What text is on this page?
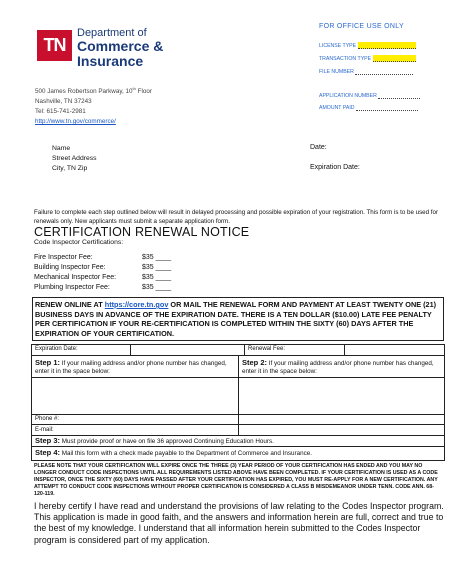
TN
Department of
Commerce &
Insurance
500 James Robertson Parkway, 10th Floor
Nashville, TN 37243
Tel: 615-741-2981
http://www.tn.gov/commerce/
FOR OFFICE USE ONLY
LICENSE TYPE
TRANSACTION TYPE
FILE NUMBER
APPLICATION NUMBER
AMOUNT PAID
Name
Street Address
City, TN Zip
Date:
Expiration Date:
Failure to complete each step outlined below will result in delayed processing and possible expiration of your registration. This form is to be used for renewals only. New applicants must submit a separate application form.
CERTIFICATION RENEWAL NOTICE
Code Inspector Certifications:
Fire Inspector Fee:	$35 ____
Building Inspector Fee:	$35 ____
Mechanical Inspector Fee:	$35 ____
Plumbing Inspector Fee:	$35 ____
RENEW ONLINE AT https://core.tn.gov OR MAIL THE RENEWAL FORM AND PAYMENT AT LEAST TWENTY ONE (21) BUSINESS DAYS IN ADVANCE OF THE EXPIRATION DATE. THERE IS A TEN DOLLAR ($10.00) LATE FEE PENALTY PER CERTIFICATION IF YOUR RE-CERTIFICATION IS COMPLETED WITHIN THE SIXTY (60) DAYS AFTER THE EXPIRATION OF YOUR CERTIFICATION.
Expiration Date:	Renewal Fee:
Step 1: If your mailing address and/or phone number has changed, enter it in the space below:
Step 2: If your mailing address and/or phone number has changed, enter it in the space below:
Phone #:
E-mail:
Step 3: Must provide proof or have on file 36 approved Continuing Education Hours.
Step 4: Mail this form with a check made payable to the Department of Commerce and Insurance.
PLEASE NOTE THAT YOUR CERTIFICATION WILL EXPIRE ONCE THE THREE (3) YEAR PERIOD OF YOUR CERTIFICATION HAS ENDED AND YOU MAY NO LONGER CONDUCT CODE INSPECTIONS UNTIL ALL REQUIREMENTS LISTED ABOVE HAVE BEEN COMPLETED. IF YOUR CERTIFICATION IS USED AS A CODE INSPECTOR, ONCE THE SIXTY (60) DAYS HAVE PASSED AFTER YOUR CERTIFICATION HAS EXPIRED, YOU MUST RE-APPLY FOR A NEW CERTIFICATION. ANY ATTEMPT TO CONDUCT CODE INSPECTIONS WITHOUT PROPER CERTIFICATION IS CONSIDERED A CLASS B MISDEMEANOR UNDER TENN. CODE ANN. 68-120-119.
I hereby certify I have read and understand the provisions of law relating to the Codes Inspector program. This application is made in good faith, and the answers and information herein are full, correct and true to the best of my knowledge. I understand that all information herein submitted to the Codes Inspector program is considered part of my application.
